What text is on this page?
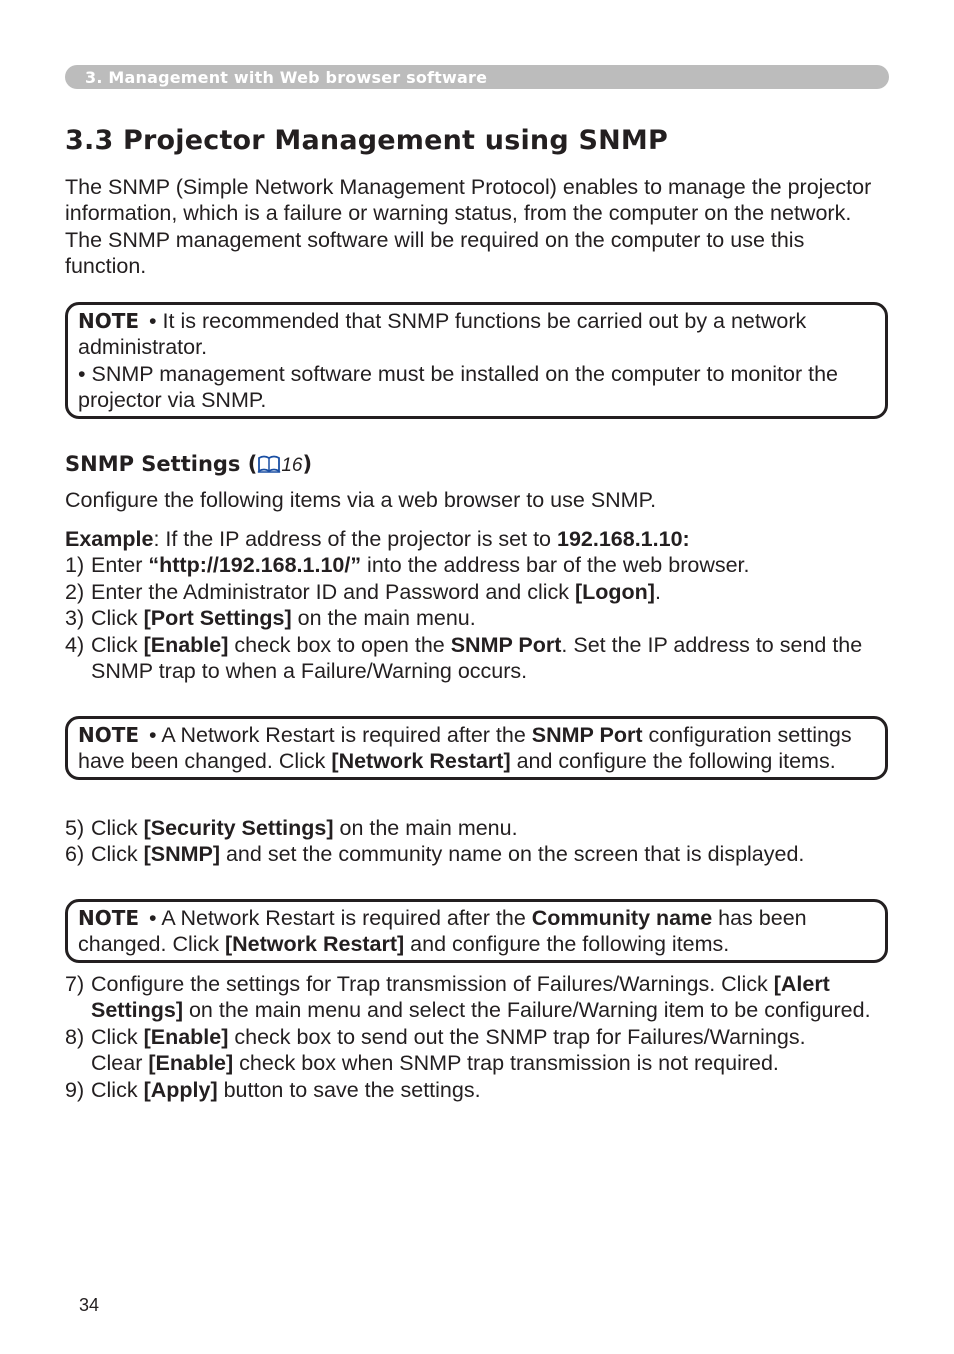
3. Management with Web browser software
3.3 Projector Management using SNMP

The SNMP (Simple Network Management Protocol) enables to manage the projector information, which is a failure or warning status, from the computer on the network. The SNMP management software will be required on the computer to use this function.

NOTE • It is recommended that SNMP functions be carried out by a network administrator.
• SNMP management software must be installed on the computer to monitor the projector via SNMP.
SNMP Settings ( 16)

Configure the following items via a web browser to use SNMP.

Example: If the IP address of the projector is set to 192.168.1.10:
1) Enter “http://192.168.1.10/” into the address bar of the web browser.
2) Enter the Administrator ID and Password and click [Logon].
3) Click [Port Settings] on the main menu.
4) Click [Enable] check box to open the SNMP Port. Set the IP address to send the SNMP trap to when a Failure/Warning occurs.
NOTE • A Network Restart is required after the SNMP Port configuration settings have been changed. Click [Network Restart] and configure the following items.
5) Click [Security Settings] on the main menu.
6) Click [SNMP] and set the community name on the screen that is displayed.
NOTE • A Network Restart is required after the Community name has been changed. Click [Network Restart] and configure the following items.
7) Configure the settings for Trap transmission of Failures/Warnings. Click [Alert Settings] on the main menu and select the Failure/Warning item to be configured.
8) Click [Enable] check box to send out the SNMP trap for Failures/Warnings.
Clear [Enable] check box when SNMP trap transmission is not required.
9) Click [Apply] button to save the settings.
34
